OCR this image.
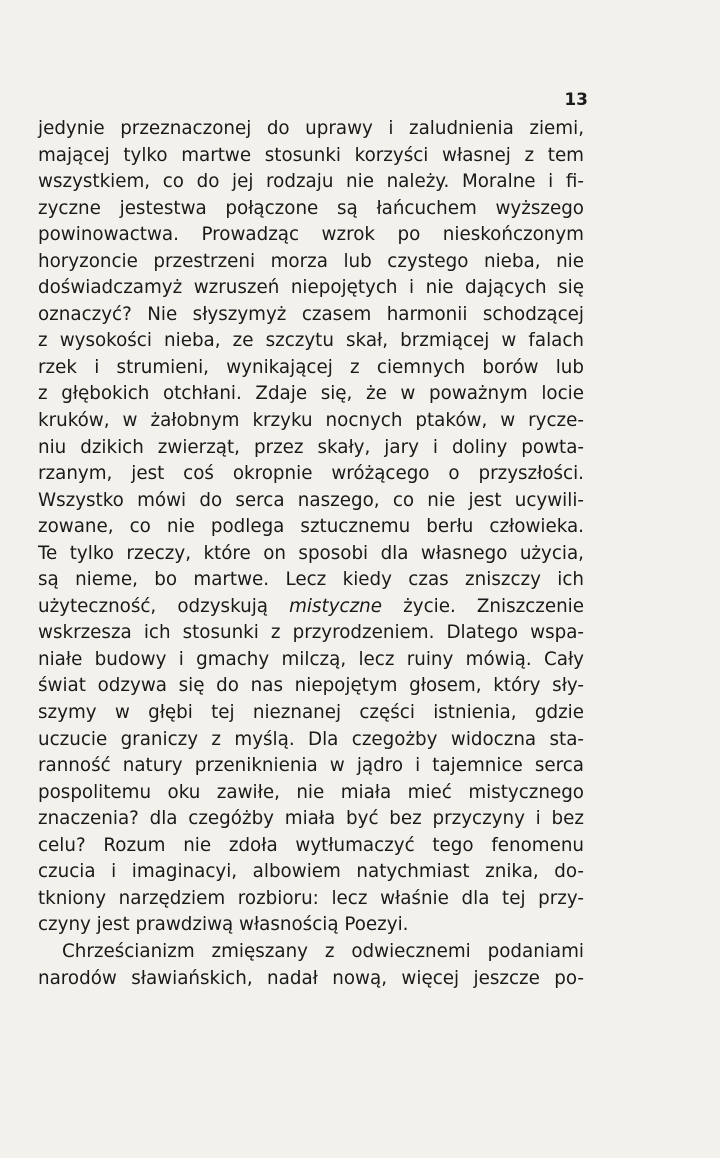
13
jedynie przeznaczonej do uprawy i zaludnienia ziemi,
mającej tylko martwe stosunki korzyści własnej z tem
wszystkiem, co do jej rodzaju nie należy. Moralne i fi-
zyczne jestestwa połączone są łańcuchem wyższego
powinowactwa. Prowadząc wzrok po nieskończonym
horyzoncie przestrzeni morza lub czystego nieba, nie
doświadczamyż wzruszeń niepojętych i nie dających się
oznaczyć? Nie słyszymyż czasem harmonii schodzącej
z wysokości nieba, ze szczytu skał, brzmiącej w falach
rzek i strumieni, wynikającej z ciemnych borów lub
z głębokich otchłani. Zdaje się, że w poważnym locie
kruków, w żałobnym krzyku nocnych ptaków, w rycze-
niu dzikich zwierząt, przez skały, jary i doliny powta-
rzanym, jest coś okropnie wróżącego o przyszłości.
Wszystko mówi do serca naszego, co nie jest ucywili-
zowane, co nie podlega sztucznemu berłu człowieka.
Te tylko rzeczy, które on sposobi dla własnego użycia,
są nieme, bo martwe. Lecz kiedy czas zniszczy ich
użyteczność, odzyskują mistyczne życie. Zniszczenie
wskrzesza ich stosunki z przyrodzeniem. Dlatego wspa-
niałe budowy i gmachy milczą, lecz ruiny mówią. Cały
świat odzywa się do nas niepojętym głosem, który sły-
szymy w głębi tej nieznanej części istnienia, gdzie
uczucie graniczy z myślą. Dla czegożby widoczna sta-
ranność natury przeniknienia w jądro i tajemnice serca
pospolitemu oku zawiłe, nie miała mieć mistycznego
znaczenia? dla czegóżby miała być bez przyczyny i bez
celu? Rozum nie zdoła wytłumaczyć tego fenomenu
czucia i imaginacyi, albowiem natychmiast znika, do-
tkniony narzędziem rozbioru: lecz właśnie dla tej przy-
czyny jest prawdziwą własnością Poezyi.
Chrześcianizm zmięszany z odwiecznemi podaniami
narodów sławiańskich, nadał nową, więcej jeszcze po-
